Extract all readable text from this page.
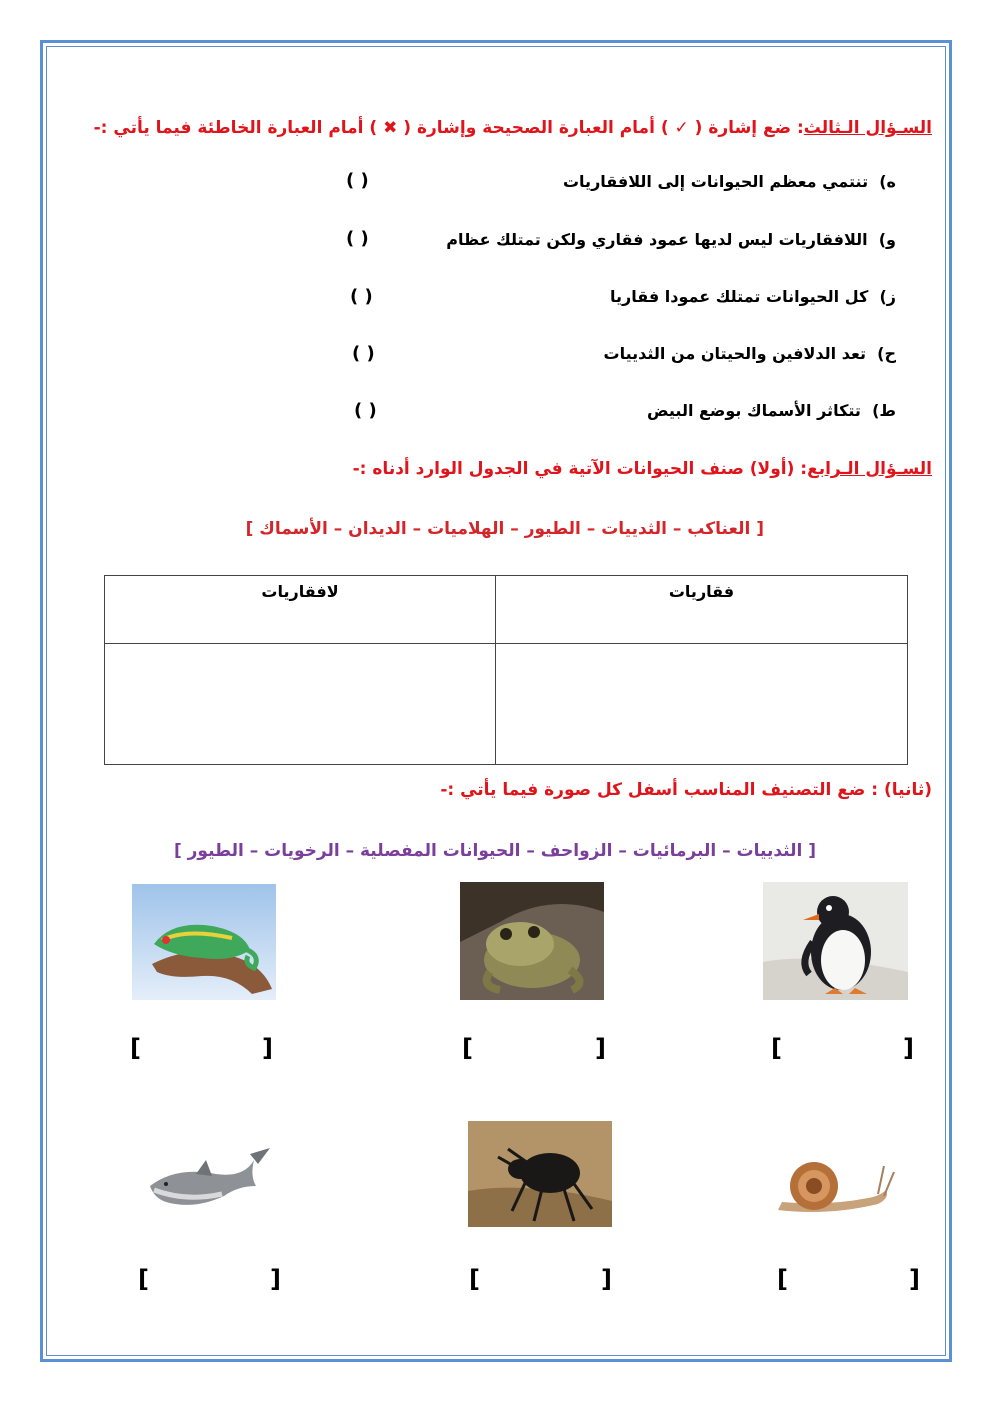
السـؤال الـثالث: ضع إشارة ( ✓ ) أمام العبارة الصحيحة وإشارة ( ✖ ) أمام العبارة الخاطئة فيما يأتي :-
ه)  تنتمي معظم الحيوانات إلى اللافقاريات
( )
و)  اللافقاريات ليس لديها عمود فقاري ولكن تمتلك عظام
( )
ز)  كل الحيوانات تمتلك عمودا فقاريا
( )
ح)  تعد الدلافين والحيتان من الثدييات
( )
ط)  تتكاثر الأسماك بوضع البيض
( )
السـؤال الـرابع: (أولا) صنف الحيوانات الآتية في الجدول الوارد أدناه :-
[ العناكب – الثدييات – الطيور – الهلاميات – الديدان – الأسماك ]
لافقاريات	فقاريات

(ثانيا) : ضع التصنيف المناسب أسفل كل صورة فيما يأتي :-
[ الثدييات – البرمائيات – الزواحف – الحيوانات المفصلية – الرخويات – الطيور ]
[	]	[	]	[	]
[	]	[	]	[	]
